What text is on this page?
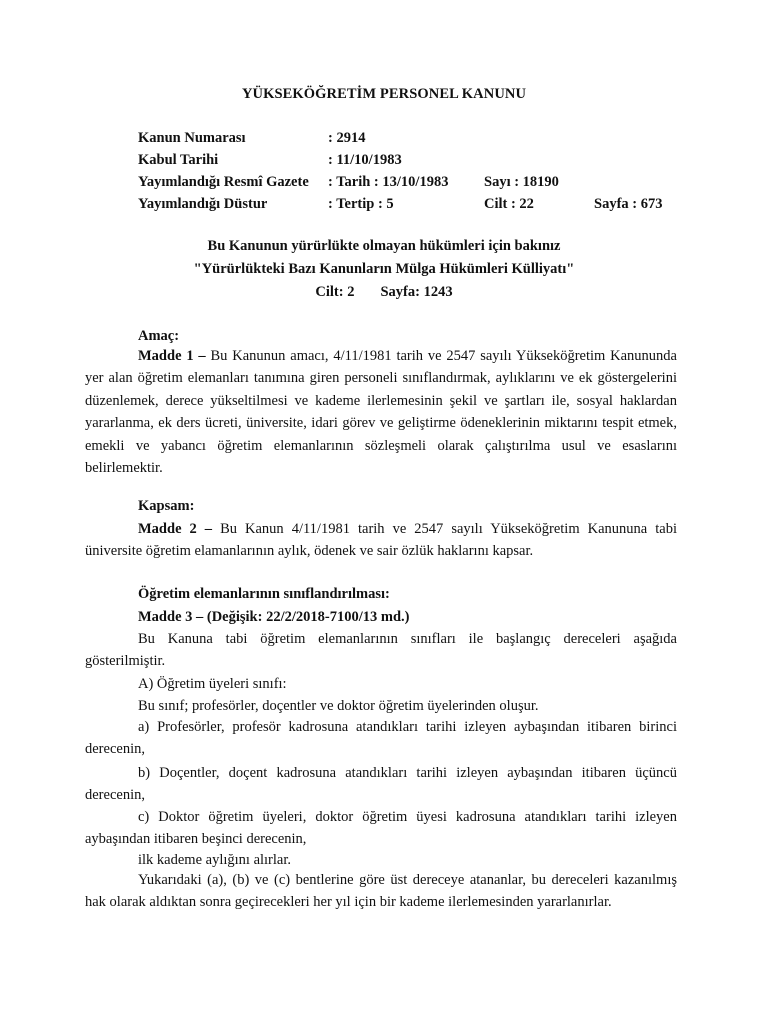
YÜKSEKÖĞRETİM PERSONEL KANUNU
Kanun Numarası	: 2914
Kabul Tarihi	: 11/10/1983
Yayımlandığı Resmî Gazete : Tarih : 13/10/1983 Sayı : 18190
Yayımlandığı Düstur	: Tertip : 5	Cilt : 22	Sayfa : 673
Bu Kanunun yürürlükte olmayan hükümleri için bakınız
"Yürürlükteki Bazı Kanunların Mülga Hükümleri Külliyatı"
Cilt: 2 Sayfa: 1243
Amaç:
Madde 1 – Bu Kanunun amacı, 4/11/1981 tarih ve 2547 sayılı Yükseköğretim Kanununda yer alan öğretim elemanları tanımına giren personeli sınıflandırmak, aylıklarını ve ek göstergelerini düzenlemek, derece yükseltilmesi ve kademe ilerlemesinin şekil ve şartları ile, sosyal haklardan yararlanma, ek ders ücreti, üniversite, idari görev ve geliştirme ödeneklerinin miktarını tespit etmek, emekli ve yabancı öğretim elemanlarının sözleşmeli olarak çalıştırılma usul ve esaslarını belirlemektir.
Kapsam:
Madde 2 – Bu Kanun 4/11/1981 tarih ve 2547 sayılı Yükseköğretim Kanununa tabi üniversite öğretim elamanlarının aylık, ödenek ve sair özlük haklarını kapsar.
Öğretim elemanlarının sınıflandırılması:
Madde 3 – (Değişik: 22/2/2018-7100/13 md.)
Bu Kanuna tabi öğretim elemanlarının sınıfları ile başlangıç dereceleri aşağıda gösterilmiştir.
A) Öğretim üyeleri sınıfı:
Bu sınıf; profesörler, doçentler ve doktor öğretim üyelerinden oluşur.
a) Profesörler, profesör kadrosuna atandıkları tarihi izleyen aybaşından itibaren birinci derecenin,
b) Doçentler, doçent kadrosuna atandıkları tarihi izleyen aybaşından itibaren üçüncü derecenin,
c) Doktor öğretim üyeleri, doktor öğretim üyesi kadrosuna atandıkları tarihi izleyen aybaşından itibaren beşinci derecenin,
ilk kademe aylığını alırlar.
Yukarıdaki (a), (b) ve (c) bentlerine göre üst dereceye atananlar, bu dereceleri kazanılmış hak olarak aldıktan sonra geçirecekleri her yıl için bir kademe ilerlemesinden yararlanırlar.
